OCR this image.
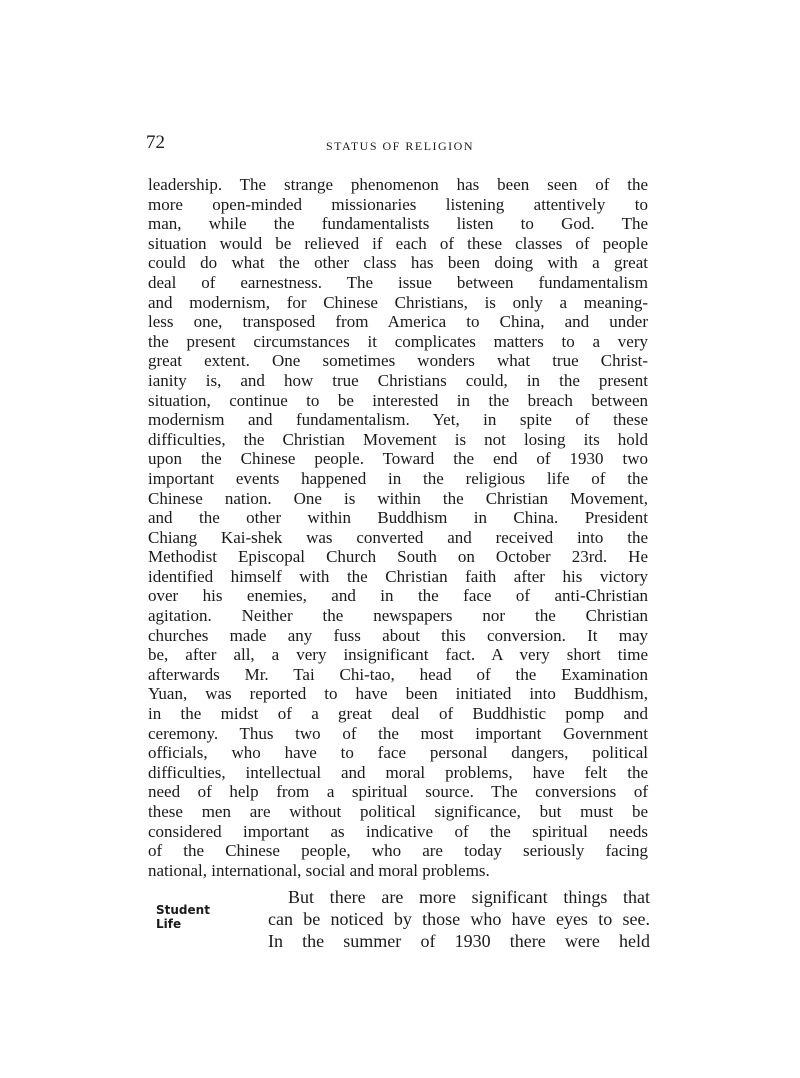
72	STATUS OF RELIGION
leadership. The strange phenomenon has been seen of the
more open-minded missionaries listening attentively to
man, while the fundamentalists listen to God. The
situation would be relieved if each of these classes of people
could do what the other class has been doing with a great
deal of earnestness. The issue between fundamentalism
and modernism, for Chinese Christians, is only a meaning-
less one, transposed from America to China, and under
the present circumstances it complicates matters to a very
great extent. One sometimes wonders what true Christ-
ianity is, and how true Christians could, in the present
situation, continue to be interested in the breach between
modernism and fundamentalism. Yet, in spite of these
difficulties, the Christian Movement is not losing its hold
upon the Chinese people. Toward the end of 1930 two
important events happened in the religious life of the
Chinese nation. One is within the Christian Movement,
and the other within Buddhism in China. President
Chiang Kai-shek was converted and received into the
Methodist Episcopal Church South on October 23rd. He
identified himself with the Christian faith after his victory
over his enemies, and in the face of anti-Christian
agitation. Neither the newspapers nor the Christian
churches made any fuss about this conversion. It may
be, after all, a very insignificant fact. A very short time
afterwards Mr. Tai Chi-tao, head of the Examination
Yuan, was reported to have been initiated into Buddhism,
in the midst of a great deal of Buddhistic pomp and
ceremony. Thus two of the most important Government
officials, who have to face personal dangers, political
difficulties, intellectual and moral problems, have felt the
need of help from a spiritual source. The conversions of
these men are without political significance, but must be
considered important as indicative of the spiritual needs
of the Chinese people, who are today seriously facing
national, international, social and moral problems.
Student
Life
But there are more significant things that
can be noticed by those who have eyes to see.
In the summer of 1930 there were held
